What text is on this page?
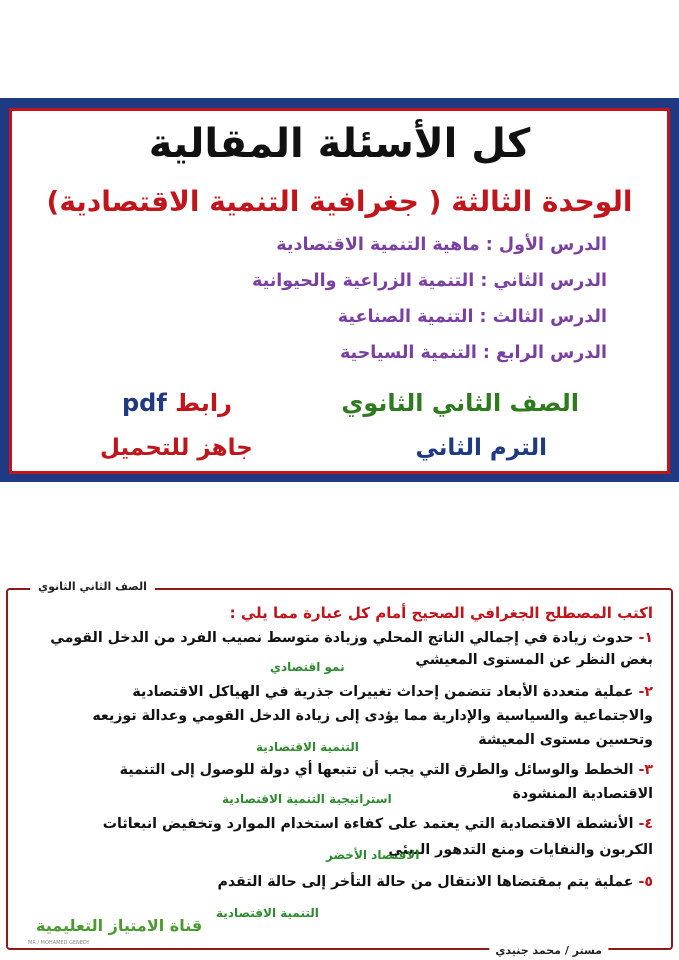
كل الأسئلة المقالية
الوحدة الثالثة ( جغرافية التنمية الاقتصادية)
الدرس الأول : ماهية التنمية الاقتصادية
الدرس الثاني : التنمية الزراعية والحيوانية
الدرس الثالث : التنمية الصناعية
الدرس الرابع : التنمية السياحية
الصف الثاني الثانوي
الترم الثاني
رابط pdf
جاهز للتحميل
الصف الثاني الثانوي
مستر / محمد جنيدي
اكتب المصطلح الجغرافي الصحيح أمام كل عبارة مما يلي :
١- حدوث زيادة في إجمالي الناتج المحلي وزيادة متوسط نصيب الفرد من الدخل القومي
بغض النظر عن المستوى المعيشي
نمو اقتصادي
٢- عملية متعددة الأبعاد تتضمن إحداث تغييرات جذرية في الهياكل الاقتصادية
والاجتماعية والسياسية والإدارية مما يؤدى إلى زيادة الدخل القومي وعدالة توزيعه
وتحسين مستوى المعيشة
التنمية الاقتصادية
٣- الخطط والوسائل والطرق التي يجب أن تتبعها أي دولة للوصول إلى التنمية
الاقتصادية المنشودة
استراتيجية التنمية الاقتصادية
٤- الأنشطة الاقتصادية التي يعتمد على كفاءة استخدام الموارد وتخفيض انبعاثات
الكربون والنفايات ومنع التدهور البيئي
الاقتصاد الأخضر
٥- عملية يتم بمقتضاها الانتقال من حالة التأخر إلى حالة التقدم
التنمية الاقتصادية
قناة الامتياز التعليمية
MR / MOHAMED GENEDY
